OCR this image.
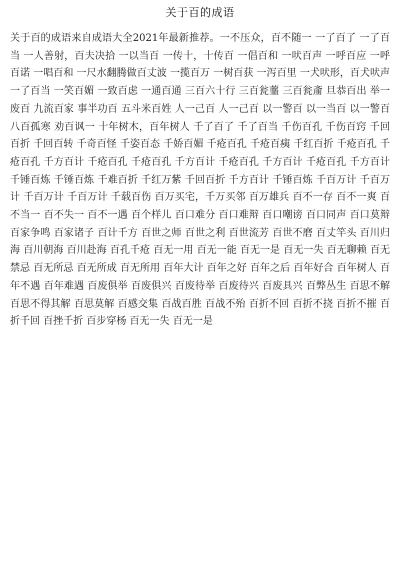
关于百的成语

关于百的成语来自成语大全2021年最新推荐。一不压众，百不随一 一了百了 一了百当 一人善射，百夫决拾 一以当百 一传十，十传百 一倡百和 一吠百声 一呼百应 一呼百诺 一唱百和 一尺水翻腾做百丈波 一揽百万 一树百获 一泻百里 一犬吠形，百犬吠声 一了百当 一笑百媚 一致百虑 一通百通 三百六十行 三百瓮虀 三百瓮齑 旦恭百出 举一废百 九流百家 事半功百 五斗米百姓 人一己百 人一己百 以一警百 以一当百 以一警百 八百孤寒 劝百讽一 十年树木，百年树人 千了百了 千了百当 千伤百孔 千伤百窍 千回百折 千回百转 千奇百怪 千姿百态 千娇百媚 千疮百孔 千疮百痍 千红百折 千疮百孔 千疮百孔 千方百计 千疮百孔 千疮百孔 千方百计 千疮百孔 千方百计 千疮百孔 千方百计 千锤百炼 千锤百炼 千难百折 千红万紫 千回百折 千方百计 千锤百炼 千百万计 千百万计 千百万计 千百万计 千载百伤 百万买宅，千万买邻 百万雄兵 百不一存 百不一爽 百不当一 百不失一 百不一遇 百个样儿 百口难分 百口难辩 百口嘲谤 百口同声 百口莫辩 百家争鸣 百家诸子 百计千方 百世之师 百世之利 百世流芳 百世不磨 百丈竿头 百川归海 百川朝海 百川赴海 百孔千疮 百无一用 百无一能 百无一是 百无一失 百无聊赖 百无禁忌 百无所忌 百无所成 百无所用 百年大计 百年之好 百年之后 百年好合 百年树人 百年不遇 百年难遇 百废俱举 百废俱兴 百废待举 百废待兴 百废具兴 百弊丛生 百思不解 百思不得其解 百思莫解 百感交集 百战百胜 百战不殆 百折不回 百折不挠 百折不摧 百折千回 百挫千折 百步穿杨 百无一失 百无一是
